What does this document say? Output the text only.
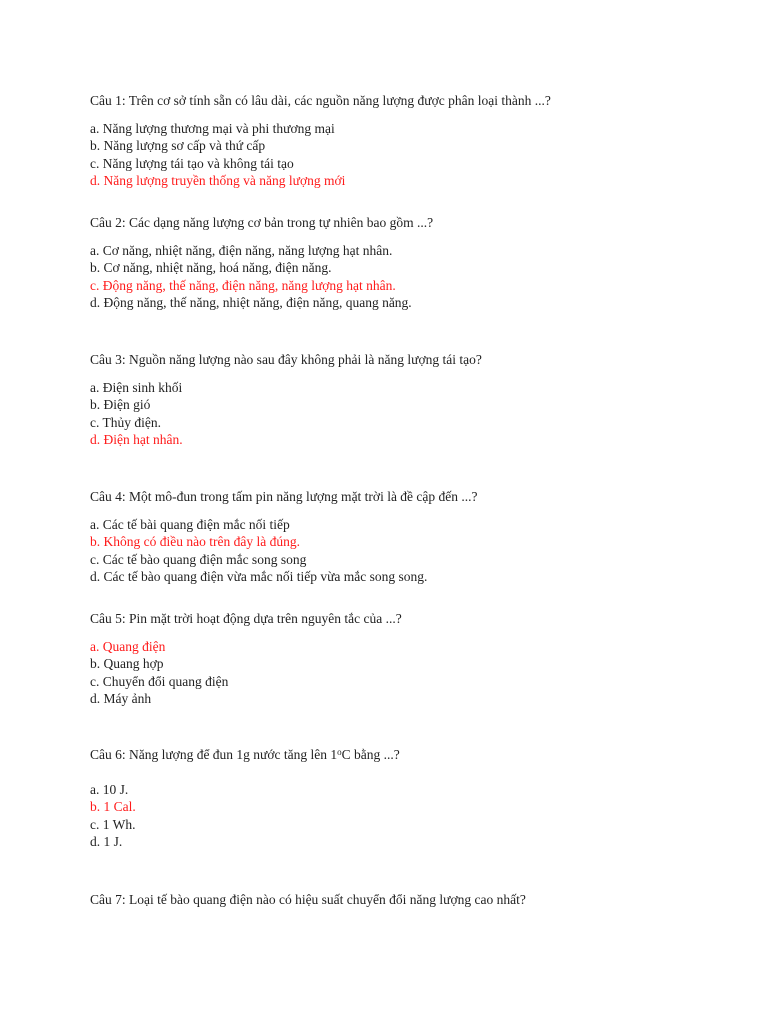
Câu 1: Trên cơ sở tính sẵn có lâu dài, các nguồn năng lượng được phân loại thành ...?

a. Năng lượng thương mại và phi thương mại
b. Năng lượng sơ cấp và thứ cấp
c. Năng lượng tái tạo và không tái tạo
d. Năng lượng truyền thống và năng lượng mới

Câu 2: Các dạng năng lượng cơ bản trong tự nhiên bao gồm ...?

a. Cơ năng, nhiệt năng, điện năng, năng lượng hạt nhân.
b. Cơ năng, nhiệt năng, hoá năng, điện năng.
c. Động năng, thế năng, điện năng, năng lượng hạt nhân.
d. Động năng, thế năng, nhiệt năng, điện năng, quang năng.

Câu 3: Nguồn năng lượng nào sau đây không phải là năng lượng tái tạo?

a. Điện sinh khối
b. Điện gió
c. Thủy điện.
d. Điện hạt nhân.

Câu 4: Một mô-đun trong tấm pin năng lượng mặt trời là đề cập đến ...?

a. Các tế bài quang điện mắc nối tiếp
b. Không có điều nào trên đây là đúng.
c. Các tế bào quang điện mắc song song
d. Các tế bào quang điện vừa mắc nối tiếp vừa mắc song song.

Câu 5: Pin mặt trời hoạt động dựa trên nguyên tắc của ...?

a. Quang điện
b. Quang hợp
c. Chuyển đổi quang điện
d. Máy ảnh

Câu 6: Năng lượng để đun 1g nước tăng lên 1$^o$C bằng ...?

a. 10 J.
b. 1 Cal.
c. 1 Wh.
d. 1 J.

Câu 7: Loại tế bào quang điện nào có hiệu suất chuyển đổi năng lượng cao nhất?
